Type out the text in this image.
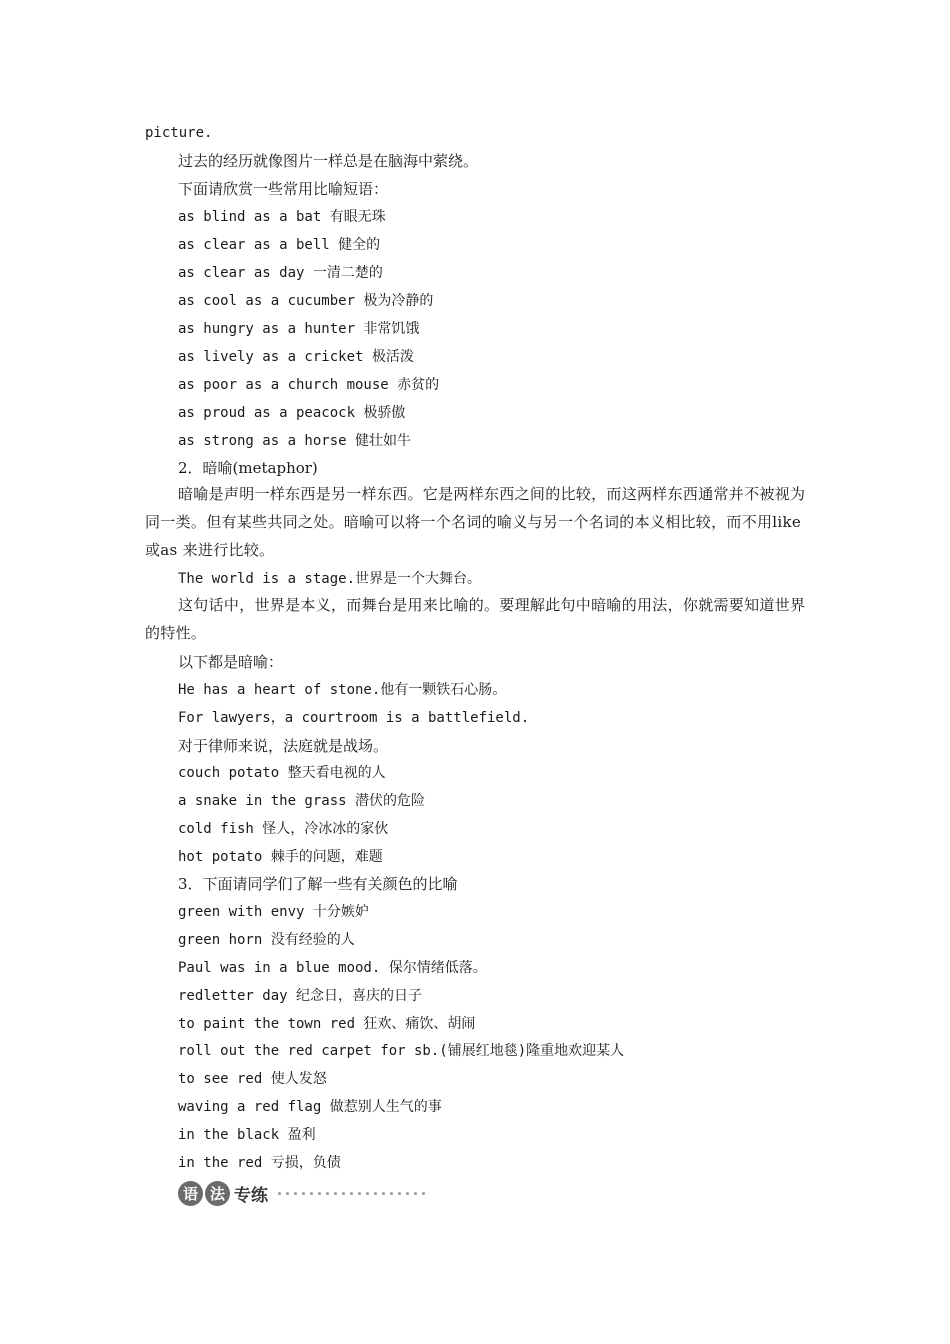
picture.
过去的经历就像图片一样总是在脑海中萦绕。
下面请欣赏一些常用比喻短语：
as blind as a bat 有眼无珠
as clear as a bell 健全的
as clear as day 一清二楚的
as cool as a cucumber 极为冷静的
as hungry as a hunter 非常饥饿
as lively as a cricket 极活泼
as poor as a church mouse 赤贫的
as proud as a peacock 极骄傲
as strong as a horse 健壮如牛
2．暗喻(metaphor)
暗喻是声明一样东西是另一样东西。它是两样东西之间的比较，而这两样东西通常并不被视为同一类。但有某些共同之处。暗喻可以将一个名词的喻义与另一个名词的本义相比较，而不用like或as 来进行比较。
The world is a stage.世界是一个大舞台。
这句话中，世界是本义，而舞台是用来比喻的。要理解此句中暗喻的用法，你就需要知道世界的特性。
以下都是暗喻：
He has a heart of stone.他有一颗铁石心肠。
For lawyers，a courtroom is a battlefield.
对于律师来说，法庭就是战场。
couch potato 整天看电视的人
a snake in the grass 潜伏的危险
cold fish 怪人，冷冰冰的家伙
hot potato 棘手的问题，难题
3．下面请同学们了解一些有关颜色的比喻
green with envy 十分嫉妒
green horn 没有经验的人
Paul was in a blue mood. 保尔情绪低落。
redletter day 纪念日，喜庆的日子
to paint the town red 狂欢、痛饮、胡闹
roll out the red carpet for sb.(铺展红地毯)隆重地欢迎某人
to see red 使人发怒
waving a red flag 做惹别人生气的事
in the black 盈利
in the red 亏损，负债
语 法 专练
